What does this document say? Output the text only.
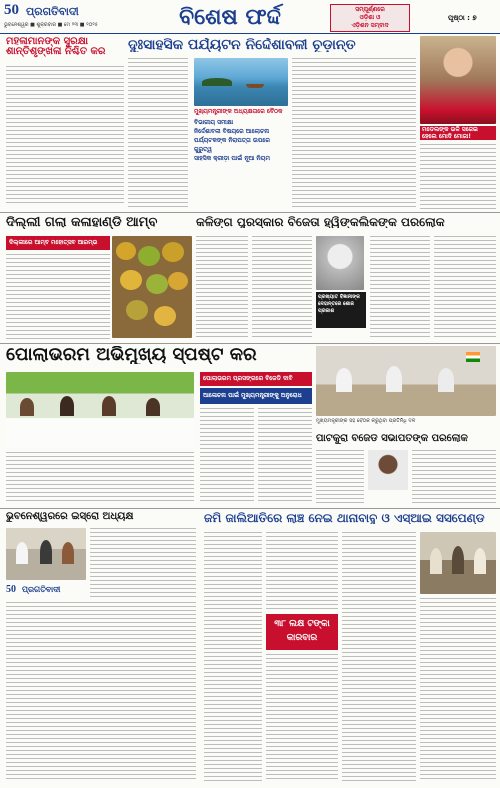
50 ପ୍ରଗତିବାଦୀ
ଭୁବନେଶ୍ୱର ■ ଶୁକ୍ରବାର ■ ମେ ୨୩ ■ ୨୦୨୫	ବିଶେଷ ଫର୍ଦ୍ଦ	ସମ୍ପୂର୍ଣ୍ଣରେ
ଓଡ଼ିଶା ଓ
ଏଡ଼ିଶନ ସମ୍ବାଦ
ପୃଷ୍ଠା : ୭
ମହିଳାମାନଙ୍କ ସୁରକ୍ଷା ଶାନ୍ତିଶୃଙ୍ଖଳା ନିଶ୍ଚିତ କର	ଦୁଃସାହସିକ ପର୍ଯ୍ୟଟନ ନିର୍ଦ୍ଦେଶାବଳୀ ଚୂଡ଼ାନ୍ତ
ମୁଖ୍ୟମନ୍ତ୍ରୀଙ୍କ ଅଧ୍ୟକ୍ଷତାରେ ବୈଠକ
ବିଭାଗୀୟ ସମୀକ୍ଷା
ନିର୍ଦ୍ଦେଶାବଳୀ ବିଷୟରେ ଆଲୋଚନା
ପର୍ଯ୍ୟଟକଙ୍କ ନିରାପତ୍ତା ଉପରେ ଗୁରୁତ୍ୱ
ସାହସିକ କ୍ରୀଡ଼ା ପାଇଁ ନୂଆ ନିୟମ
ମଡେଲଙ୍କ ଭଳି ସଜେଇ ହେଲେ ମୋଦି ମୋଜା!
ଦିଲ୍ଲୀ ଗଲା କଳାହାଣ୍ଡି ଆମ୍ବ
ଦିଲ୍ଲୀରେ ଆମ୍ବ ମହୋତ୍ସବ ଆରମ୍ଭ
କଳିଙ୍ଗ ପୁରସ୍କାର ବିଜେତା ହ୍ୱିଙ୍କଲିକଙ୍କ ପରଲୋକ
ପ୍ରଖ୍ୟାତ ବିଜ୍ଞାନୀଙ୍କ ଦେହାନ୍ତରେ ଶୋକ ପ୍ରକାଶ
ପୋଲାଭରମ ଅଭିମୁଖ୍ୟ ସ୍ପଷ୍ଟ କର
ପୋଲାଭରମ ପ୍ରସଙ୍ଗରେ ବିଜେଡି ଦାବି
ଆଳୋଚନା ପାଇଁ ମୁଖ୍ୟମନ୍ତ୍ରୀଙ୍କୁ ଅନୁରୋଧ
ମୁଖ୍ୟମନ୍ତ୍ରୀଙ୍କ ସହ ବୈଠକ କରୁଥିବା ପ୍ରତିନିଧି ଦଳ
ପାଟକୁରା ବିଜେଡି ସଭାପତିଙ୍କ ପରଲୋକ
ଭୁବନେଶ୍ୱରରେ ଇସ୍ରୋ ଅଧ୍ୟକ୍ଷ
50 ପ୍ରଗତିବାଦୀ
ଜମି ଜାଲିଆତିରେ ଲାଞ୍ଚ ନେଇ ଥାନାବାବୁ ଓ ଏସ୍ଆଇ ସସପେଣ୍ଡ
୩୮ ଲକ୍ଷ ଟଙ୍କା
କାରବାର
